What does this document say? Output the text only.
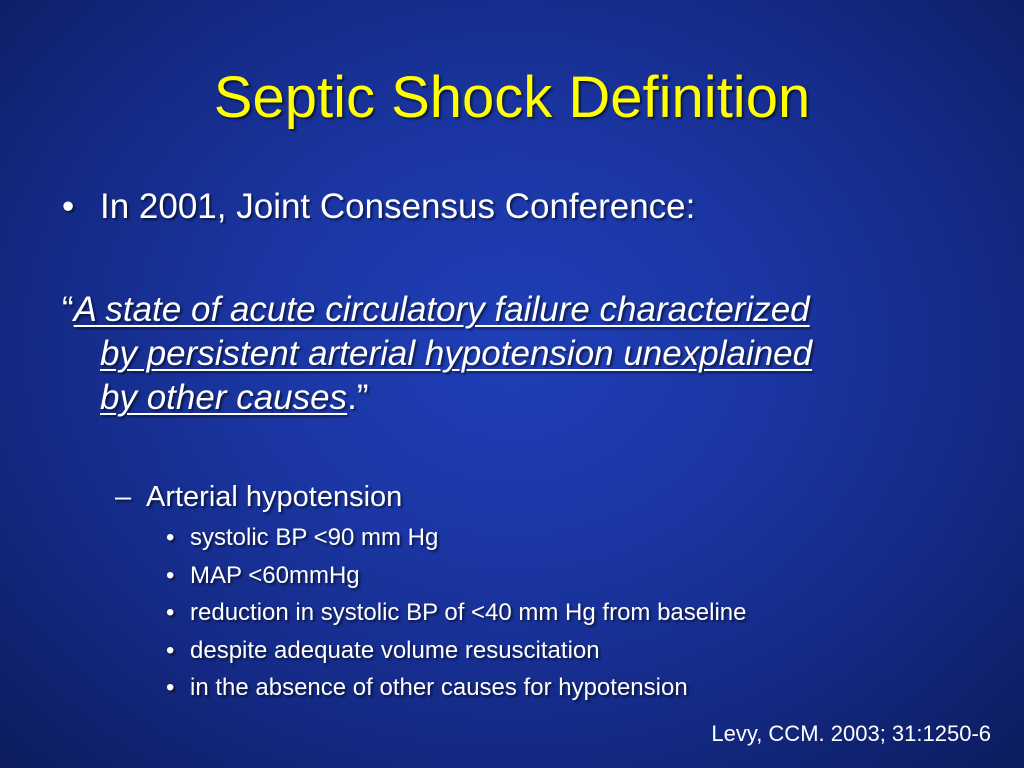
Septic Shock Definition
• In 2001, Joint Consensus Conference:
“A state of acute circulatory failure characterized
by persistent arterial hypotension unexplained
by other causes.”
– Arterial hypotension
• systolic BP <90 mm Hg
• MAP <60mmHg
• reduction in systolic BP of <40 mm Hg from baseline
• despite adequate volume resuscitation
• in the absence of other causes for hypotension
Levy, CCM. 2003; 31:1250-6
